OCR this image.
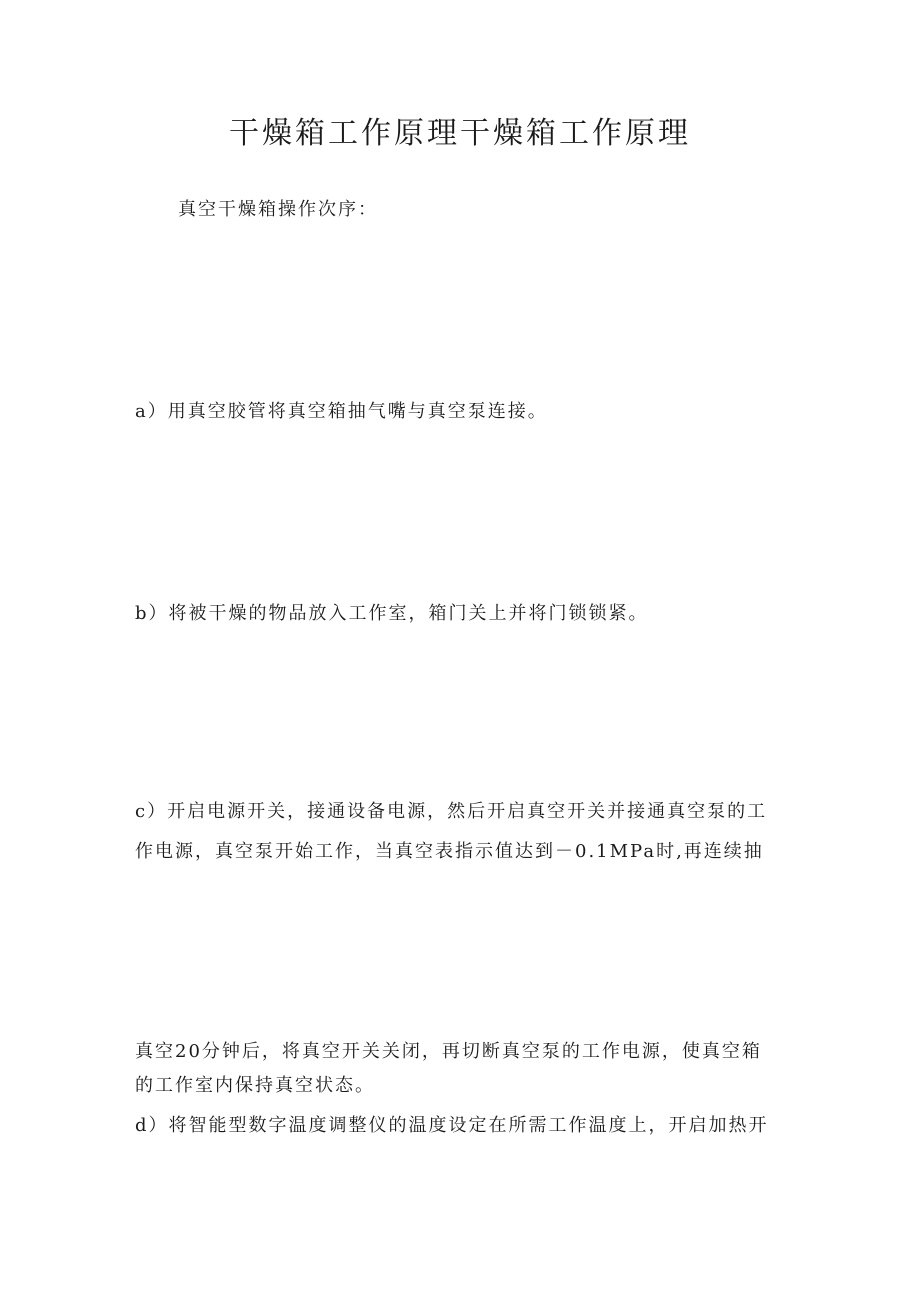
干燥箱工作原理干燥箱工作原理
真空干燥箱操作次序：
a）用真空胶管将真空箱抽气嘴与真空泵连接。
b）将被干燥的物品放入工作室，箱门关上并将门锁锁紧。
c）开启电源开关，接通设备电源，然后开启真空开关并接通真空泵的工
作电源，真空泵开始工作，当真空表指示值达到－0.1MPa时,再连续抽
真空20分钟后，将真空开关关闭，再切断真空泵的工作电源，使真空箱
的工作室内保持真空状态。
d）将智能型数字温度调整仪的温度设定在所需工作温度上，开启加热开
